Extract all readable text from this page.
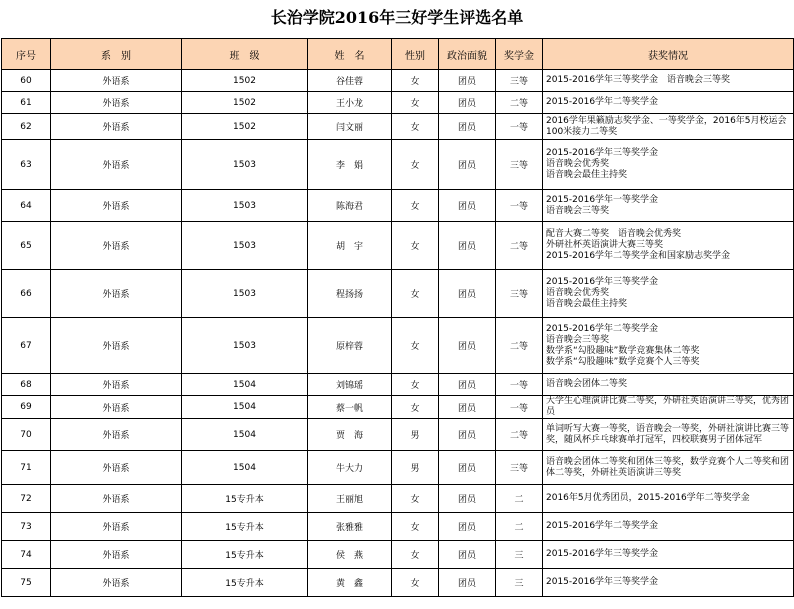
长治学院2016年三好学生评选名单
序号	系　别	班　级	姓　名	性别	政治面貌	奖学金	获奖情况
60	外语系	1502	谷佳蓉	女	团员	三等	2015-2016学年三等奖学金　语音晚会三等奖

61	外语系	1502	王小龙	女	团员	二等	2015-2016学年二等奖学金

62	外语系	1502	闫文丽	女	团员	一等	2016学年果籁励志奖学金、一等奖学金，2016年5月校运会
100米接力二等奖

63	外语系	1503	李　娟	女	团员	三等	2015-2016学年三等奖学金
语音晚会优秀奖
语音晚会最佳主持奖

64	外语系	1503	陈海君	女	团员	一等	2015-2016学年一等奖学金
语音晚会三等奖

65	外语系	1503	胡　宇	女	团员	二等	配音大赛二等奖　语音晚会优秀奖
外研社杯英语演讲大赛三等奖
2015-2016学年二等奖学金和国家励志奖学金

66	外语系	1503	程扬扬	女	团员	三等	2015-2016学年三等奖学金
语音晚会优秀奖
语音晚会最佳主持奖

67	外语系	1503	原梓蓉	女	团员	二等	2015-2016学年二等奖学金
语音晚会三等奖
数学系“勾股趣味”数学竞赛集体二等奖
数学系“勾股趣味”数学竞赛个人三等奖

68	外语系	1504	刘锦瑶	女	团员	一等	语音晚会团体二等奖

69	外语系	1504	蔡一帆	女	团员	一等	大学生心理演讲比赛二等奖，外研社英语演讲三等奖，优秀团
员

70	外语系	1504	贾　海	男	团员	二等	单词听写大赛一等奖，语音晚会一等奖，外研社演讲比赛三等
奖，随风杯乒乓球赛单打冠军，四校联赛男子团体冠军

71	外语系	1504	牛大力	男	团员	三等	语音晚会团体二等奖和团体三等奖，数学竞赛个人二等奖和团
体二等奖，外研社英语演讲三等奖

72	外语系	15专升本	王丽旭	女	团员	二	2016年5月优秀团员，2015-2016学年二等奖学金

73	外语系	15专升本	张雅雅	女	团员	二	2015-2016学年二等奖学金

74	外语系	15专升本	侯　燕	女	团员	三	2015-2016学年三等奖学金

75	外语系	15专升本	黄　鑫	女	团员	三	2015-2016学年三等奖学金
